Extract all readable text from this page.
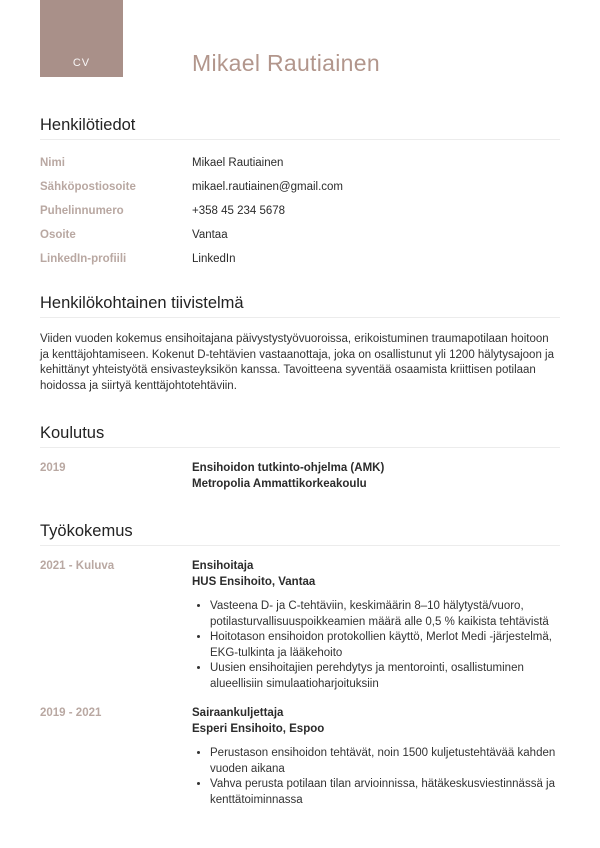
CV	Mikael Rautiainen
Henkilötiedot
Nimi	Mikael Rautiainen
Sähköpostiosoite	mikael.rautiainen@gmail.com
Puhelinnumero	+358 45 234 5678
Osoite	Vantaa
LinkedIn-profiili	LinkedIn
Henkilökohtainen tiivistelmä

Viiden vuoden kokemus ensihoitajana päivystystyövuoroissa, erikoistuminen traumapotilaan hoitoon ja kenttäjohtamiseen. Kokenut D-tehtävien vastaanottaja, joka on osallistunut yli 1200 hälytysajoon ja kehittänyt yhteistyötä ensivasteyksikön kanssa. Tavoitteena syventää osaamista kriittisen potilaan hoidossa ja siirtyä kenttäjohtotehtäviin.

Koulutus
2019	Ensihoidon tutkinto-ohjelma (AMK)
Metropolia Ammattikorkeakoulu
Työkokemus
2021 - Kuluva	Ensihoitaja
HUS Ensihoito, Vantaa
• Vasteena D- ja C-tehtäviin, keskimäärin 8–10 hälytystä/vuoro, potilasturvallisuuspoikkeamien määrä alle 0,5 % kaikista tehtävistä
• Hoitotason ensihoidon protokollien käyttö, Merlot Medi -järjestelmä, EKG-tulkinta ja lääkehoito
• Uusien ensihoitajien perehdytys ja mentorointi, osallistuminen alueellisiin simulaatioharjoituksiin
2019 - 2021	Sairaankuljettaja
Esperi Ensihoito, Espoo
• Perustason ensihoidon tehtävät, noin 1500 kuljetustehtävää kahden vuoden aikana
• Vahva perusta potilaan tilan arvioinnissa, hätäkeskusviestinnässä ja kenttätoiminnassa
